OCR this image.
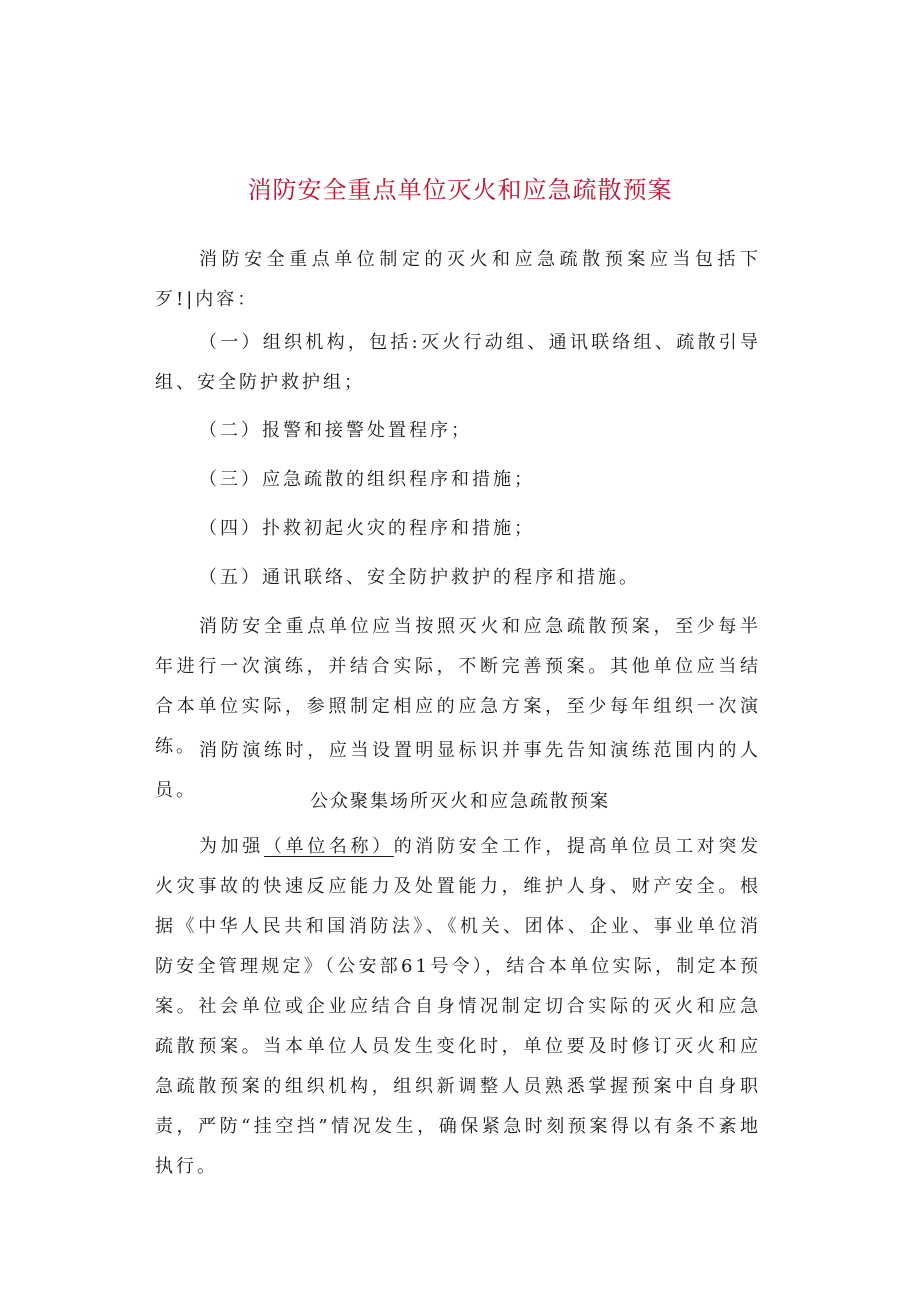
消防安全重点单位灭火和应急疏散预案

消防安全重点单位制定的灭火和应急疏散预案应当包括下歹!|内容：

（一）组织机构，包括:灭火行动组、通讯联络组、疏散引导组、安全防护救护组；

（二）报警和接警处置程序；

（三）应急疏散的组织程序和措施；

（四）扑救初起火灾的程序和措施；

（五）通讯联络、安全防护救护的程序和措施。

消防安全重点单位应当按照灭火和应急疏散预案，至少每半年进行一次演练，并结合实际，不断完善预案。其他单位应当结合本单位实际，参照制定相应的应急方案，至少每年组织一次演练。 消防演练时，应当设置明显标识并事先告知演练范围内的人员。

公众聚集场所灭火和应急疏散预案

为加强（单位名称）的消防安全工作，提高单位员工对突发火灾事故的快速反应能力及处置能力，维护人身、财产安全。根据《中华人民共和国消防法》、《机关、团体、企业、事业单位消防安全管理规定》（公安部61号令），结合本单位实际，制定本预案。社会单位或企业应结合自身情况制定切合实际的灭火和应急疏散预案。当本单位人员发生变化时，单位要及时修订灭火和应急疏散预案的组织机构，组织新调整人员熟悉掌握预案中自身职责，严防“挂空挡”情况发生，确保紧急时刻预案得以有条不紊地执行。
